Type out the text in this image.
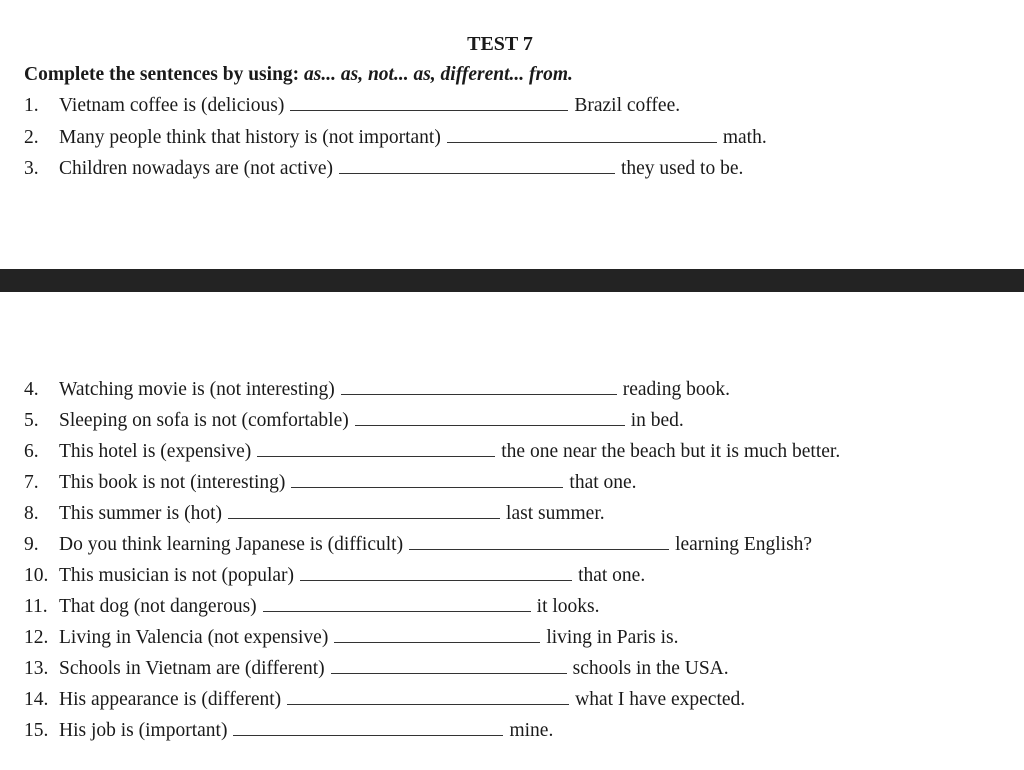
TEST 7
Complete the sentences by using: as... as, not... as, different... from.
1. Vietnam coffee is (delicious)	Brazil coffee.
2. Many people think that history is (not important)	math.
3. Children nowadays are (not active)	they used to be.
4. Watching movie is (not interesting)	reading book.
5. Sleeping on sofa is not (comfortable)	in bed.
6. This hotel is (expensive)	the one near the beach but it is much better.
7. This book is not (interesting)	that one.
8. This summer is (hot)	last summer.
9. Do you think learning Japanese is (difficult)	learning English?
10. This musician is not (popular)	that one.
11. That dog (not dangerous)	it looks.
12. Living in Valencia (not expensive)	living in Paris is.
13. Schools in Vietnam are (different)	schools in the USA.
14. His appearance is (different)	what I have expected.
15. His job is (important)	mine.
